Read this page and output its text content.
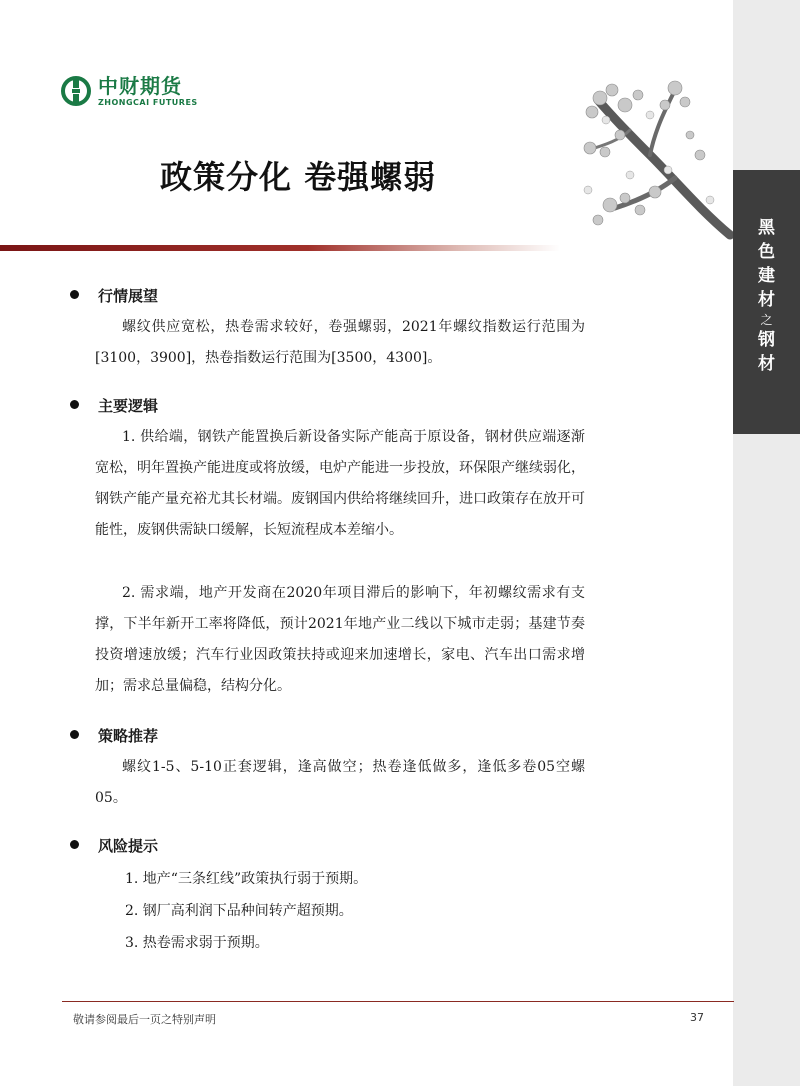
黑
色
建
材
之
钢
材
中财期货
ZHONGCAI FUTURES
政策分化 卷强螺弱
行情展望

螺纹供应宽松，热卷需求较好，卷强螺弱，2021年螺纹指数运行范围为[3100，3900]，热卷指数运行范围为[3500，4300]。

主要逻辑

1. 供给端，钢铁产能置换后新设备实际产能高于原设备，钢材供应端逐渐宽松，明年置换产能进度或将放缓，电炉产能进一步投放，环保限产继续弱化，钢铁产能产量充裕尤其长材端。废钢国内供给将继续回升，进口政策存在放开可能性，废钢供需缺口缓解，长短流程成本差缩小。

2. 需求端，地产开发商在2020年项目滞后的影响下，年初螺纹需求有支撑，下半年新开工率将降低，预计2021年地产业二线以下城市走弱；基建节奏投资增速放缓；汽车行业因政策扶持或迎来加速增长，家电、汽车出口需求增加；需求总量偏稳，结构分化。

策略推荐

螺纹1-5、5-10正套逻辑，逢高做空；热卷逢低做多，逢低多卷05空螺05。

风险提示
1. 地产“三条红线”政策执行弱于预期。
2. 钢厂高利润下品种间转产超预期。
3. 热卷需求弱于预期。
敬请参阅最后一页之特别声明	37
